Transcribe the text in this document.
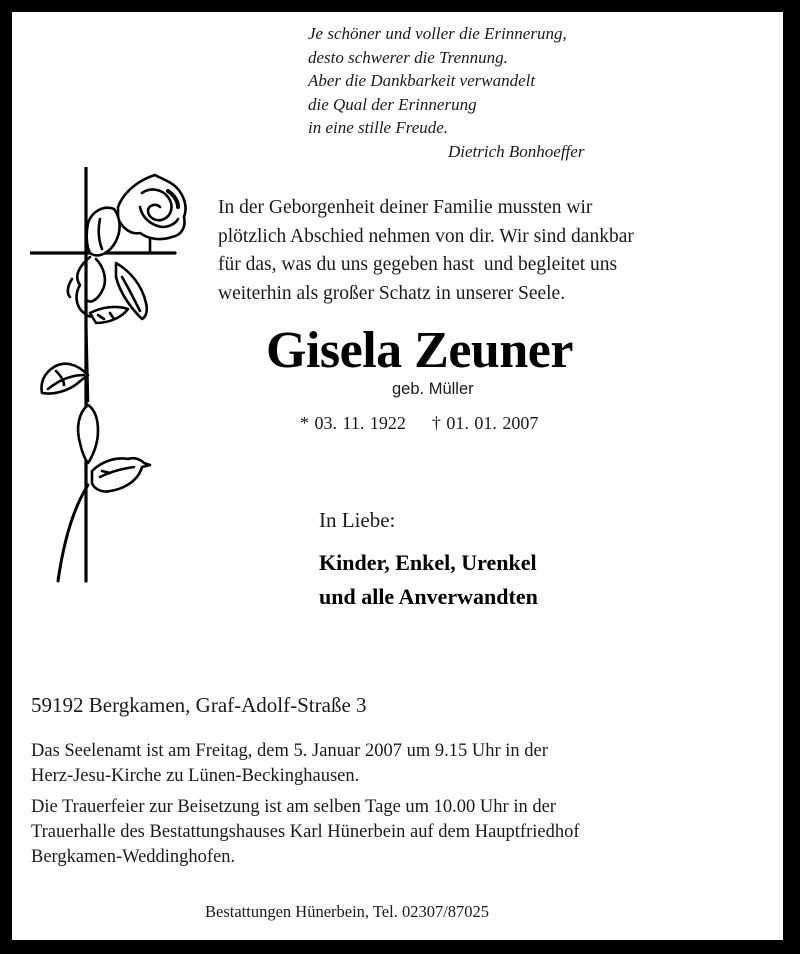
Je schöner und voller die Erinnerung,
desto schwerer die Trennung.
Aber die Dankbarkeit verwandelt
die Qual der Erinnerung
in eine stille Freude.
Dietrich Bonhoeffer
In der Geborgenheit deiner Familie mussten wir
plötzlich Abschied nehmen von dir. Wir sind dankbar
für das, was du uns gegeben hast  und begleitet uns
weiterhin als großer Schatz in unserer Seele.
Gisela Zeuner
geb. Müller
* 03. 11. 1922 † 01. 01. 2007
In Liebe:
Kinder, Enkel, Urenkel
und alle Anverwandten
59192 Bergkamen, Graf-Adolf-Straße 3

Das Seelenamt ist am Freitag, dem 5. Januar 2007 um 9.15 Uhr in der
Herz-Jesu-Kirche zu Lünen-Beckinghausen.

Die Trauerfeier zur Beisetzung ist am selben Tage um 10.00 Uhr in der
Trauerhalle des Bestattungshauses Karl Hünerbein auf dem Hauptfriedhof
Bergkamen-Weddinghofen.

Bestattungen Hünerbein, Tel. 02307/87025
